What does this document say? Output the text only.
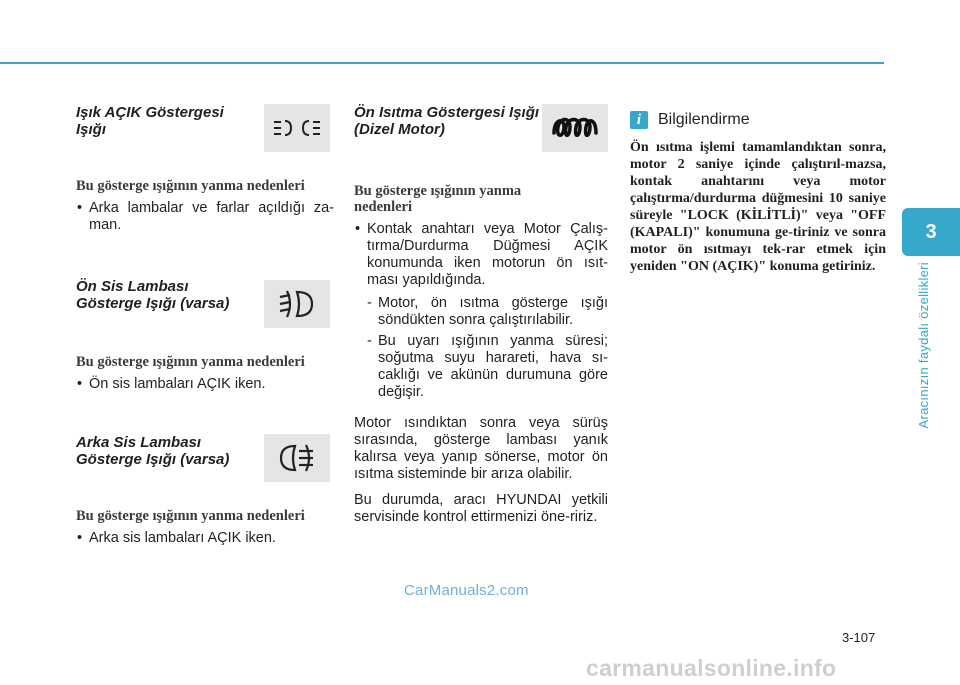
Işık AÇIK Göstergesi Işığı

Bu gösterge ışığının yanma nedenleri

• Arka lambalar ve farlar açıldığı za-man.
Ön Sis Lambası Gösterge Işığı (varsa)

Bu gösterge ışığının yanma nedenleri

• Ön sis lambaları AÇIK iken.
Arka Sis Lambası Gösterge Işığı (varsa)

Bu gösterge ışığının yanma nedenleri

• Arka sis lambaları AÇIK iken.
Ön Isıtma Göstergesi Işığı (Dizel Motor)

Bu gösterge ışığının yanma nedenleri

• Kontak anahtarı veya Motor Çalış-tırma/Durdurma Düğmesi AÇIK konumunda iken motorun ön ısıt-ması yapıldığında.
- Motor, ön ısıtma gösterge ışığı söndükten sonra çalıştırılabilir.
- Bu uyarı ışığının yanma süresi; soğutma suyu harareti, hava sı-caklığı ve akünün durumuna göre değişir.

Motor ısındıktan sonra veya sürüş sırasında, gösterge lambası yanık kalırsa veya yanıp sönerse, motor ön ısıtma sisteminde bir arıza olabilir.

Bu durumda, aracı HYUNDAI yetkili servisinde kontrol ettirmenizi öne-ririz.

i	Bilgilendirme

Ön ısıtma işlemi tamamlandıktan sonra, motor 2 saniye içinde çalıştırıl-mazsa, kontak anahtarını veya motor çalıştırma/durdurma düğmesini 10 saniye süreyle "LOCK (KİLİTLİ)" veya "OFF (KAPALI)" konumuna ge-tiriniz ve sonra motor ön ısıtmayı tek-rar etmek için yeniden "ON (AÇIK)" konuma getiriniz.

3
Aracınızın faydalı özellikleri
CarManuals2.com
3-107
carmanualsonline.info
